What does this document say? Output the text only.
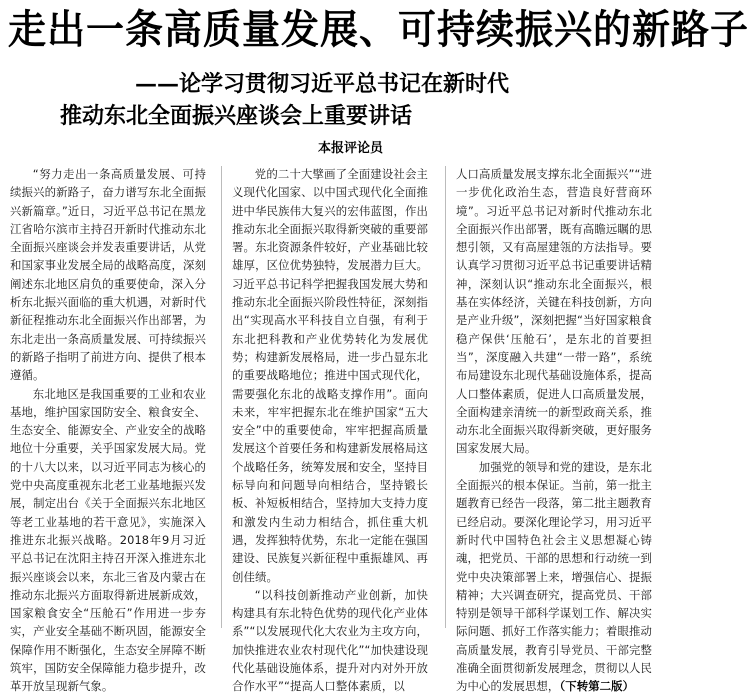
走出一条高质量发展、可持续振兴的新路子
——论学习贯彻习近平总书记在新时代
推动东北全面振兴座谈会上重要讲话
本报评论员

“努力走出一条高质量发展、可持续振兴的新路子，奋力谱写东北全面振兴新篇章。”近日，习近平总书记在黑龙江省哈尔滨市主持召开新时代推动东北全面振兴座谈会并发表重要讲话，从党和国家事业发展全局的战略高度，深刻阐述东北地区肩负的重要使命，深入分析东北振兴面临的重大机遇，对新时代新征程推动东北全面振兴作出部署，为东北走出一条高质量发展、可持续振兴的新路子指明了前进方向、提供了根本遵循。

东北地区是我国重要的工业和农业基地，维护国家国防安全、粮食安全、生态安全、能源安全、产业安全的战略地位十分重要，关乎国家发展大局。党的十八大以来，以习近平同志为核心的党中央高度重视东北老工业基地振兴发展，制定出台《关于全面振兴东北地区等老工业基地的若干意见》，实施深入推进东北振兴战略。2018年9月习近平总书记在沈阳主持召开深入推进东北振兴座谈会以来，东北三省及内蒙古在推动东北振兴方面取得新进展新成效，国家粮食安全“压舱石”作用进一步夯实，产业安全基础不断巩固，能源安全保障作用不断强化，生态安全屏障不断筑牢，国防安全保障能力稳步提升，改革开放呈现新气象。

党的二十大擘画了全面建设社会主义现代化国家、以中国式现代化全面推进中华民族伟大复兴的宏伟蓝图，作出推动东北全面振兴取得新突破的重要部署。东北资源条件较好，产业基础比较雄厚，区位优势独特，发展潜力巨大。习近平总书记科学把握我国发展大势和推动东北全面振兴阶段性特征，深刻指出“实现高水平科技自立自强，有利于东北把科教和产业优势转化为发展优势；构建新发展格局，进一步凸显东北的重要战略地位；推进中国式现代化，需要强化东北的战略支撑作用”。面向未来，牢牢把握东北在维护国家“五大安全”中的重要使命，牢牢把握高质量发展这个首要任务和构建新发展格局这个战略任务，统筹发展和安全，坚持目标导向和问题导向相结合，坚持锻长板、补短板相结合，坚持加大支持力度和激发内生动力相结合，抓住重大机遇，发挥独特优势，东北一定能在强国建设、民族复兴新征程中重振雄风、再创佳绩。

“以科技创新推动产业创新，加快构建具有东北特色优势的现代化产业体系”“以发展现代化大农业为主攻方向，加快推进农业农村现代化”“加快建设现代化基础设施体系，提升对内对外开放合作水平”“提高人口整体素质，以

人口高质量发展支撑东北全面振兴”“进一步优化政治生态，营造良好营商环境”。习近平总书记对新时代推动东北全面振兴作出部署，既有高瞻远瞩的思想引领，又有高屋建瓴的方法指导。要认真学习贯彻习近平总书记重要讲话精神，深刻认识“推动东北全面振兴，根基在实体经济，关键在科技创新，方向是产业升级”，深刻把握“当好国家粮食稳产保供‘压舱石’，是东北的首要担当”，深度融入共建“一带一路”，系统布局建设东北现代基础设施体系，提高人口整体素质，促进人口高质量发展，全面构建亲清统一的新型政商关系，推动东北全面振兴取得新突破，更好服务国家发展大局。

加强党的领导和党的建设，是东北全面振兴的根本保证。当前，第一批主题教育已经告一段落，第二批主题教育已经启动。要深化理论学习，用习近平新时代中国特色社会主义思想凝心铸魂，把党员、干部的思想和行动统一到党中央决策部署上来，增强信心、提振精神；大兴调查研究，提高党员、干部特别是领导干部科学谋划工作、解决实际问题、抓好工作落实能力；着眼推动高质量发展，教育引导党员、干部完整准确全面贯彻新发展理念，贯彻以人民为中心的发展思想，（下转第二版）
